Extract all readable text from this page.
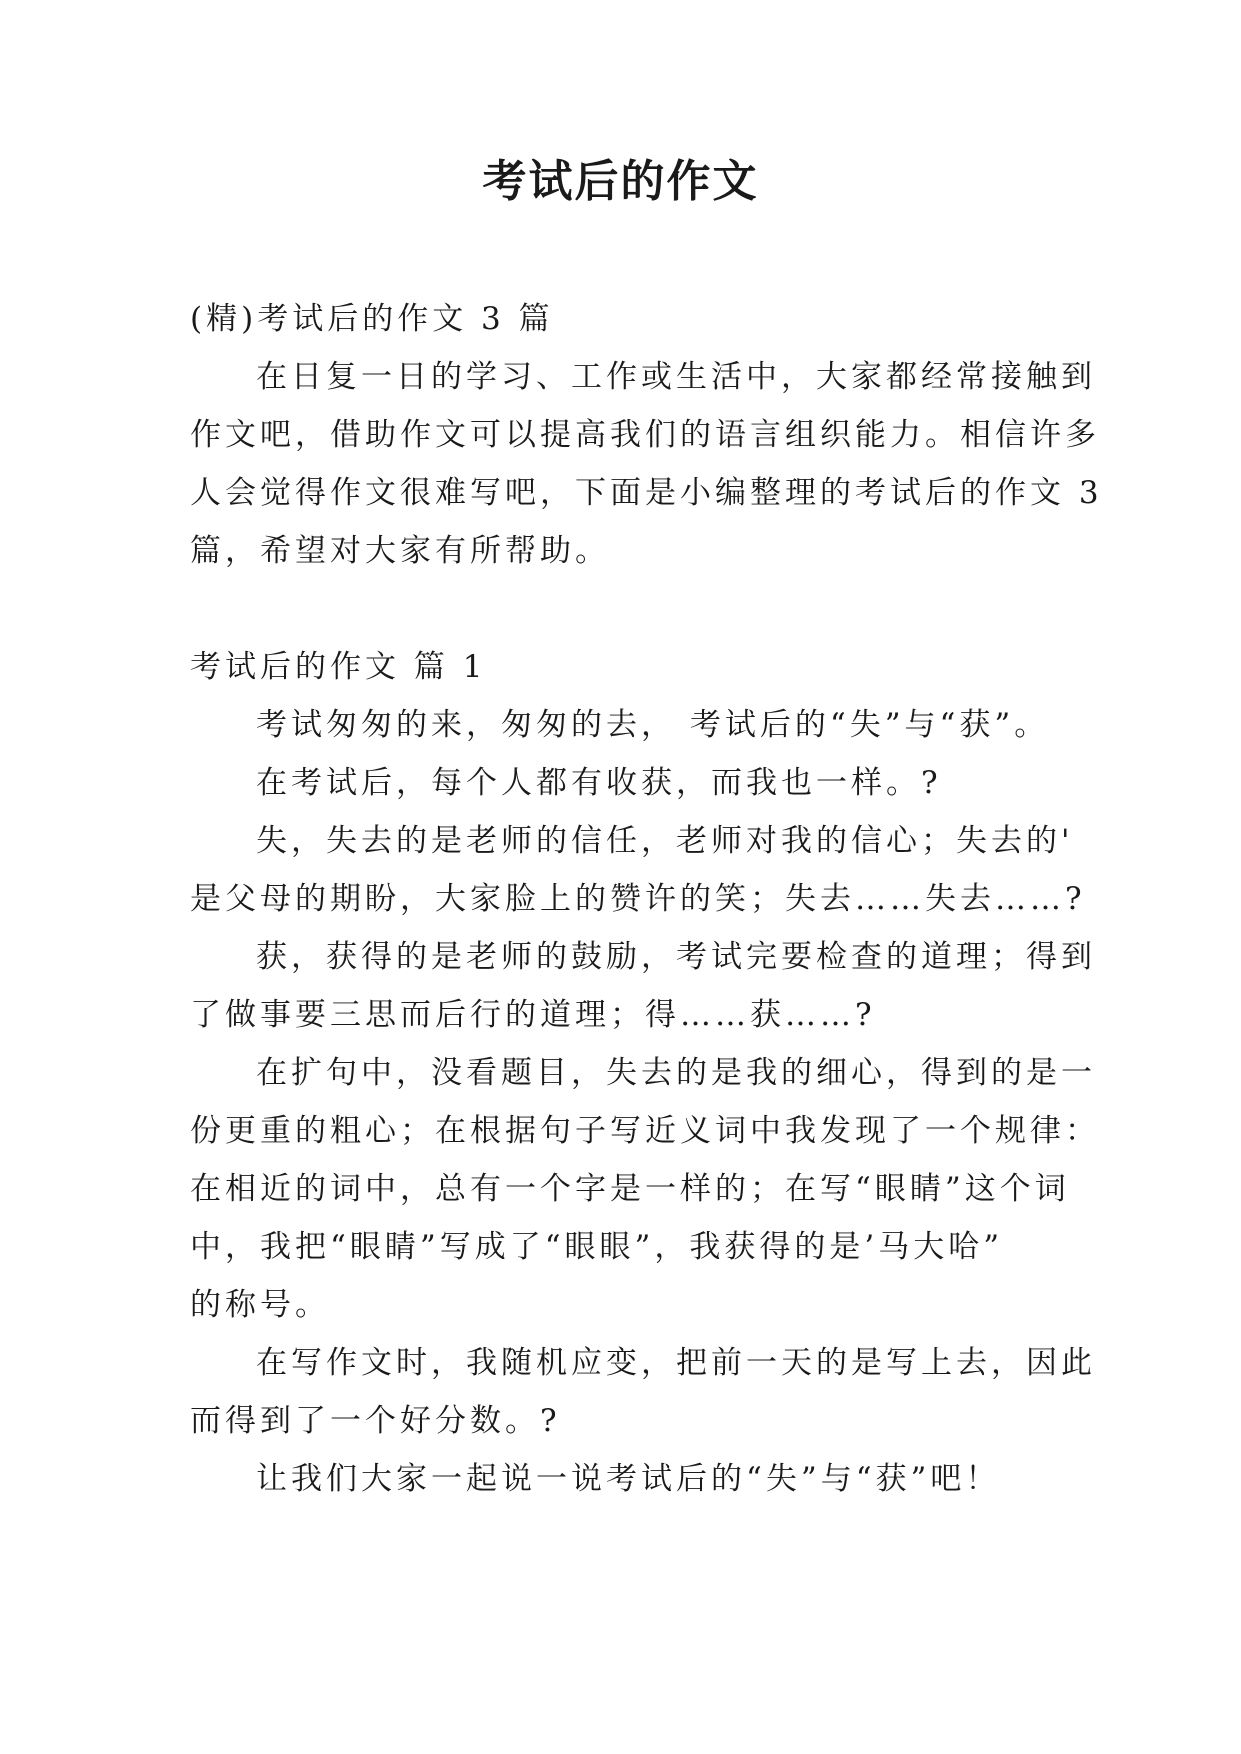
考试后的作文

(精)考试后的作文 3 篇

在日复一日的学习、工作或生活中，大家都经常接触到

作文吧，借助作文可以提高我们的语言组织能力。相信许多

人会觉得作文很难写吧，下面是小编整理的考试后的作文 3

篇，希望对大家有所帮助。

考试后的作文 篇 1

考试匆匆的来，匆匆的去， 考试后的“失”与“获”。

在考试后，每个人都有收获，而我也一样。?

失，失去的是老师的信任，老师对我的信心；失去的'

是父母的期盼，大家脸上的赞许的笑；失去……失去……?

获，获得的是老师的鼓励，考试完要检查的道理；得到

了做事要三思而后行的道理；得……获……?

在扩句中，没看题目，失去的是我的细心，得到的是一

份更重的粗心；在根据句子写近义词中我发现了一个规律：

在相近的词中，总有一个字是一样的；在写“眼睛”这个词

中，我把“眼睛”写成了“眼眼”，我获得的是’马大哈”

的称号。

在写作文时，我随机应变，把前一天的是写上去，因此

而得到了一个好分数。?

让我们大家一起说一说考试后的“失”与“获”吧！
